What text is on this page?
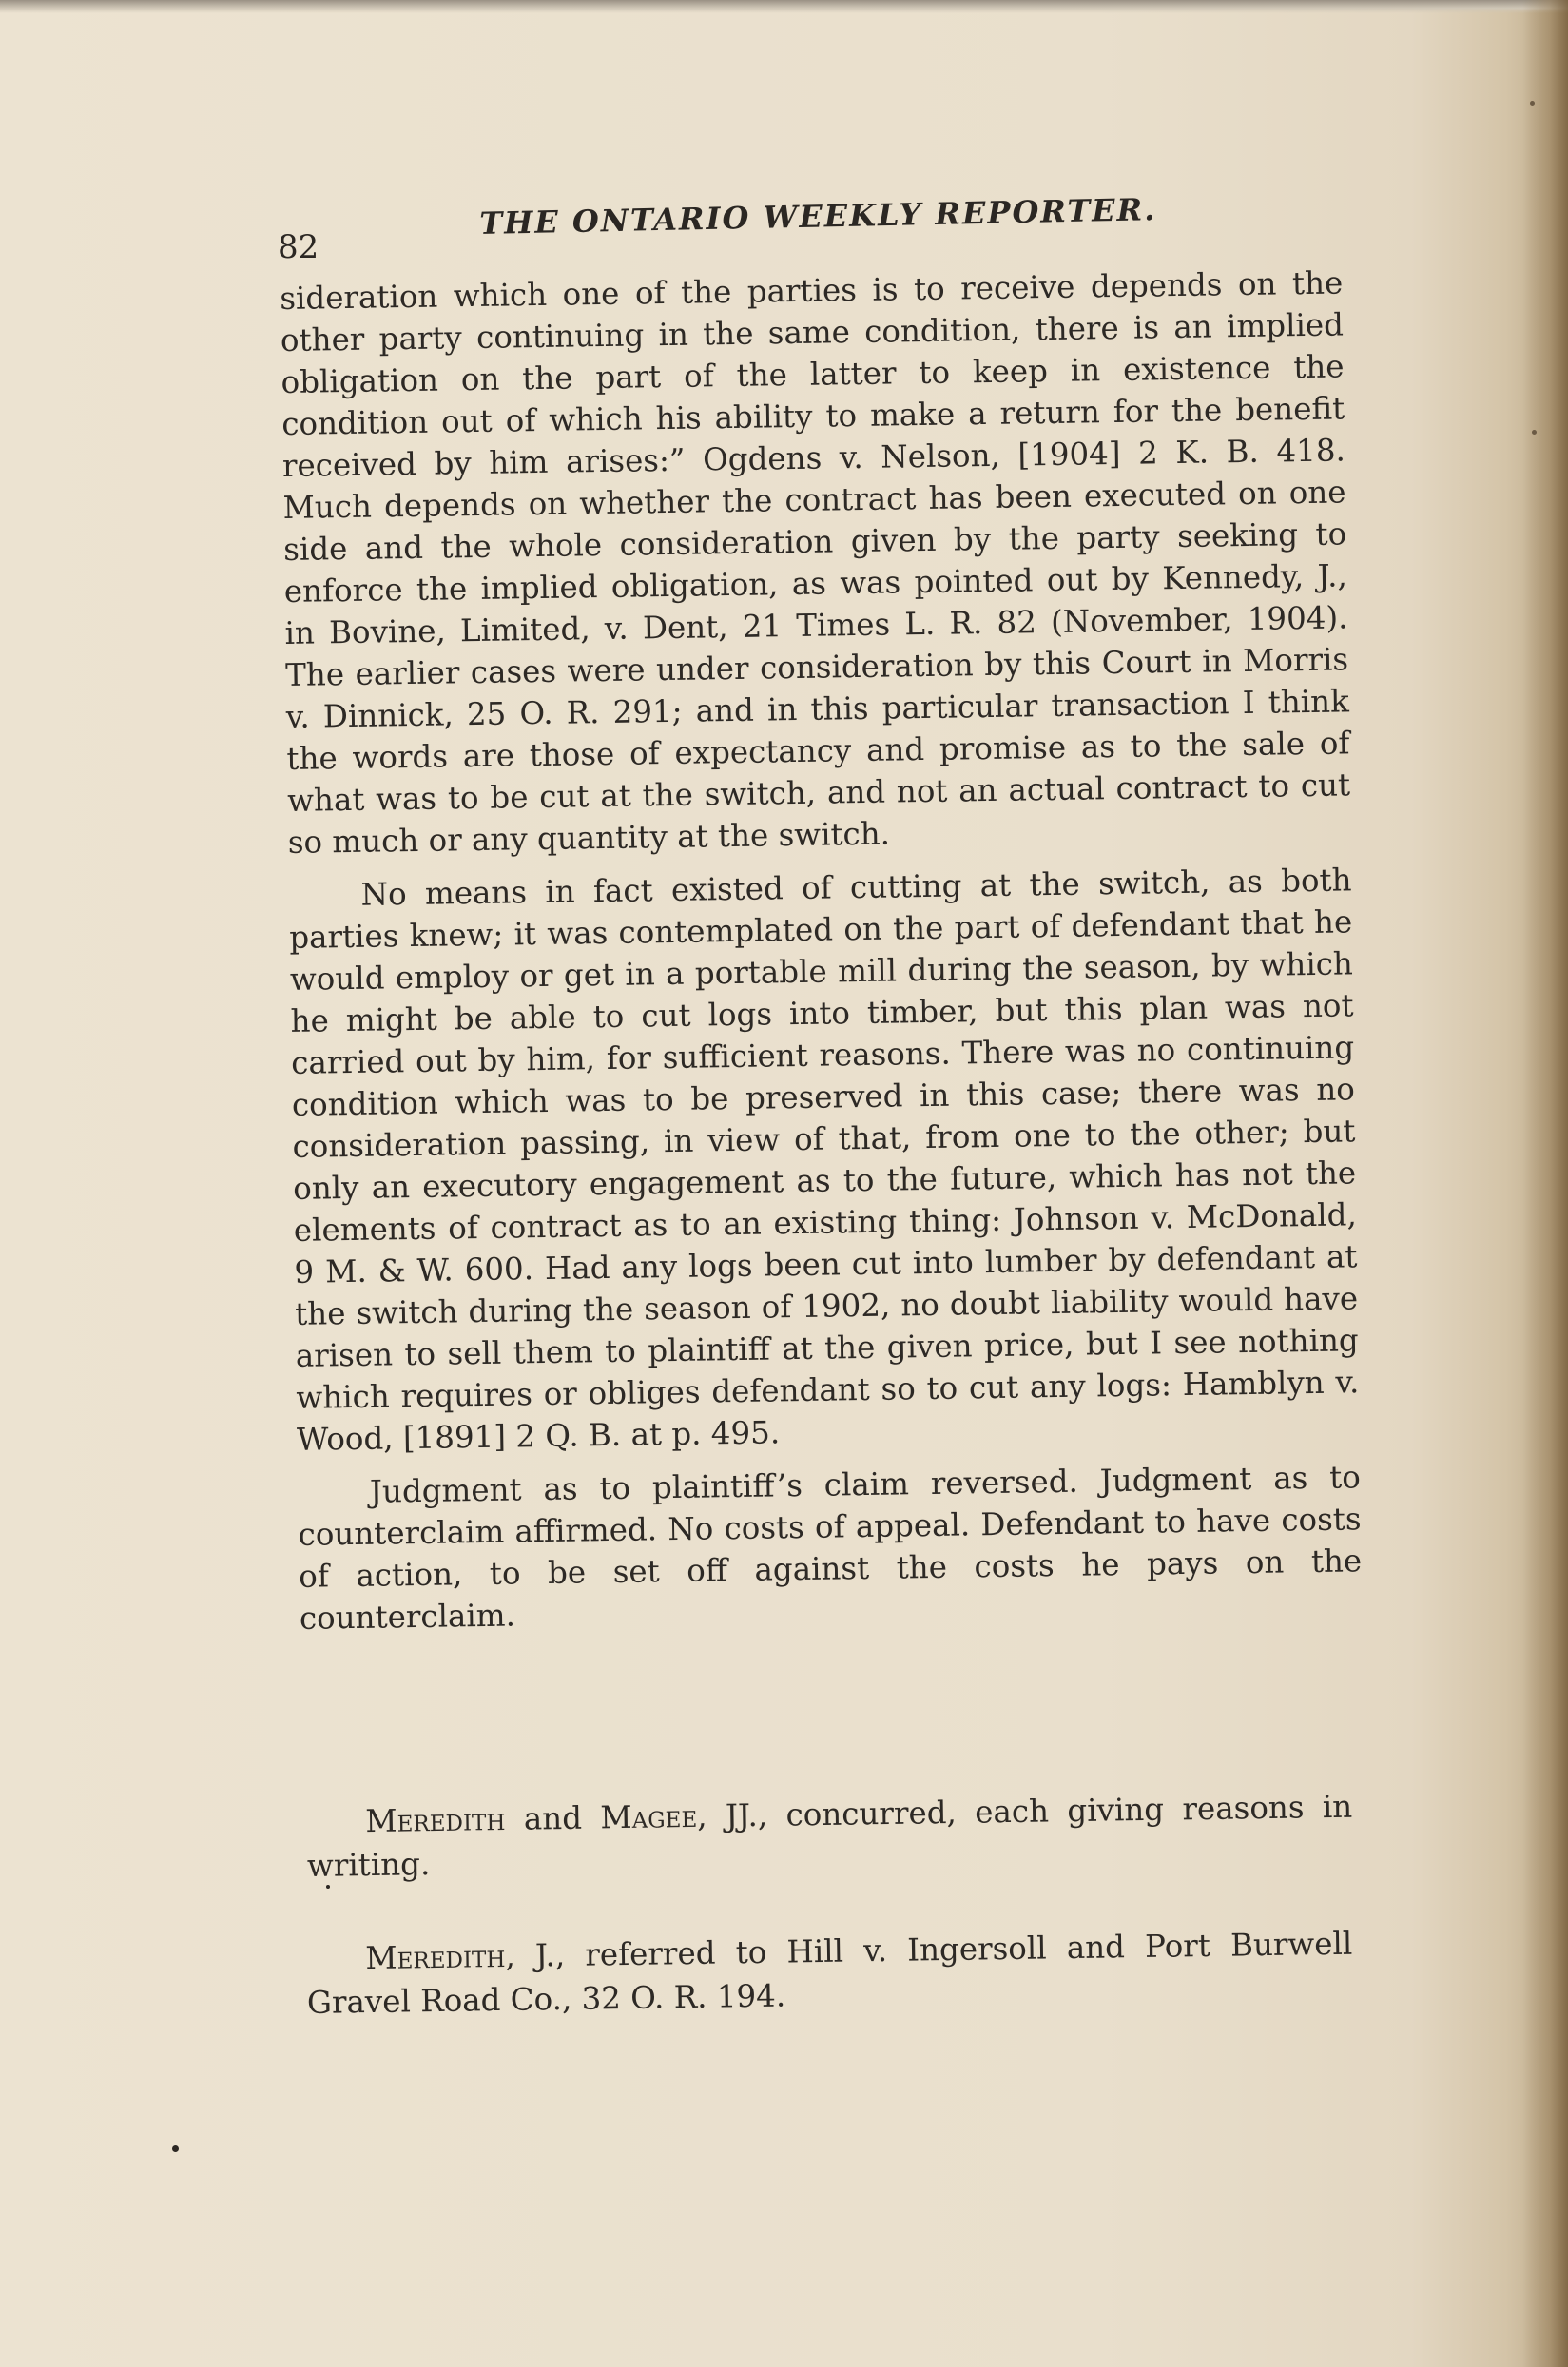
82
THE ONTARIO WEEKLY REPORTER.

sideration which one of the parties is to receive depends on the other party continuing in the same condition, there is an implied obligation on the part of the latter to keep in existence the condition out of which his ability to make a return for the benefit received by him arises:” Ogdens v. Nelson, [1904] 2 K. B. 418. Much depends on whether the contract has been executed on one side and the whole consideration given by the party seeking to enforce the implied obligation, as was pointed out by Kennedy, J., in Bovine, Limited, v. Dent, 21 Times L. R. 82 (November, 1904). The earlier cases were under consideration by this Court in Morris v. Dinnick, 25 O. R. 291; and in this particular transaction I think the words are those of expectancy and promise as to the sale of what was to be cut at the switch, and not an actual contract to cut so much or any quantity at the switch.

No means in fact existed of cutting at the switch, as both parties knew; it was contemplated on the part of defendant that he would employ or get in a portable mill during the season, by which he might be able to cut logs into timber, but this plan was not carried out by him, for sufficient reasons. There was no continuing condition which was to be preserved in this case; there was no consideration passing, in view of that, from one to the other; but only an executory engagement as to the future, which has not the elements of contract as to an existing thing: Johnson v. McDonald, 9 M. & W. 600. Had any logs been cut into lumber by defendant at the switch during the season of 1902, no doubt liability would have arisen to sell them to plaintiff at the given price, but I see nothing which requires or obliges defendant so to cut any logs: Hamblyn v. Wood, [1891] 2 Q. B. at p. 495.

Judgment as to plaintiff’s claim reversed. Judgment as to counterclaim affirmed. No costs of appeal. Defendant to have costs of action, to be set off against the costs he pays on the counterclaim.

Meredith and Magee, JJ., concurred, each giving reasons in writing.

Meredith, J., referred to Hill v. Ingersoll and Port Burwell Gravel Road Co., 32 O. R. 194.
